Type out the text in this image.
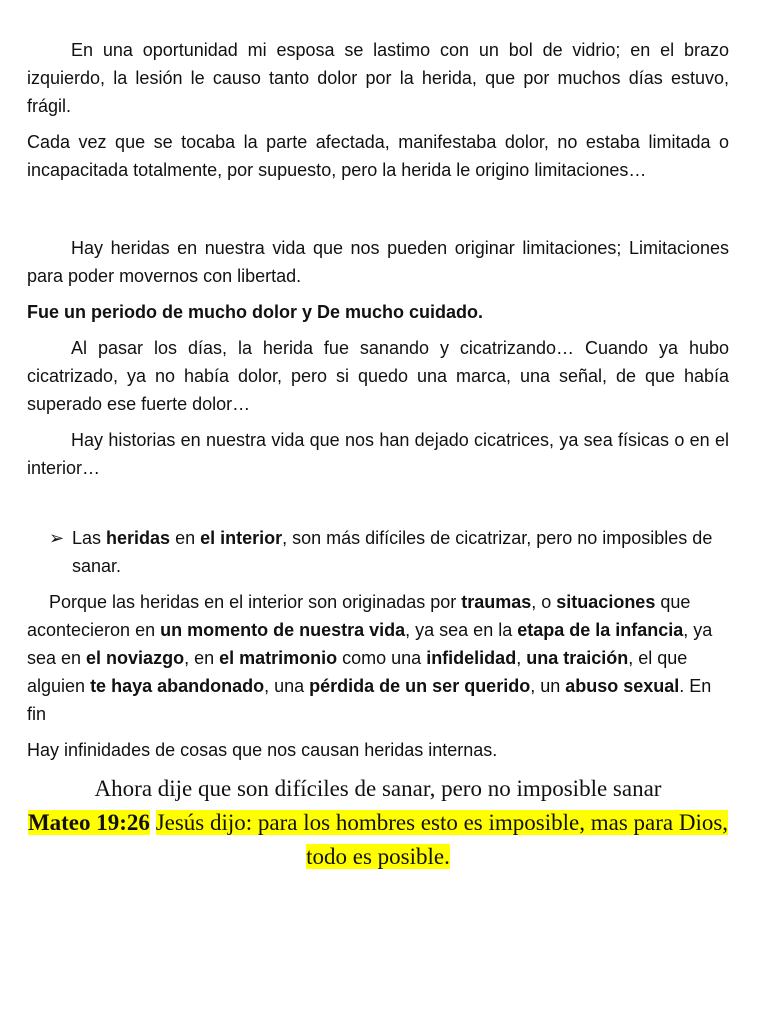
En una oportunidad mi esposa se lastimo con un bol de vidrio; en el brazo izquierdo, la lesión le causo tanto dolor por la herida, que por muchos días estuvo, frágil.

Cada vez que se tocaba la parte afectada, manifestaba dolor, no estaba limitada o incapacitada totalmente, por supuesto, pero la herida le origino limitaciones…

Hay heridas en nuestra vida que nos pueden originar limitaciones; Limitaciones para poder movernos con libertad.

Fue un periodo de mucho dolor y De mucho cuidado.

Al pasar los días, la herida fue sanando y cicatrizando… Cuando ya hubo cicatrizado, ya no había dolor, pero si quedo una marca, una señal, de que había superado ese fuerte dolor…

Hay historias en nuestra vida que nos han dejado cicatrices, ya sea físicas o en el interior…

➢ Las heridas en el interior, son más difíciles de cicatrizar, pero no imposibles de sanar.

Porque las heridas en el interior son originadas por traumas, o situaciones que acontecieron en un momento de nuestra vida, ya sea en la etapa de la infancia, ya sea en el noviazgo, en el matrimonio como una infidelidad, una traición, el que alguien te haya abandonado, una pérdida de un ser querido, un abuso sexual. En fin

Hay infinidades de cosas que nos causan heridas internas.

Ahora dije que son difíciles de sanar, pero no imposible sanar
Mateo 19:26 Jesús dijo: para los hombres esto es imposible, mas para Dios, todo es posible.
